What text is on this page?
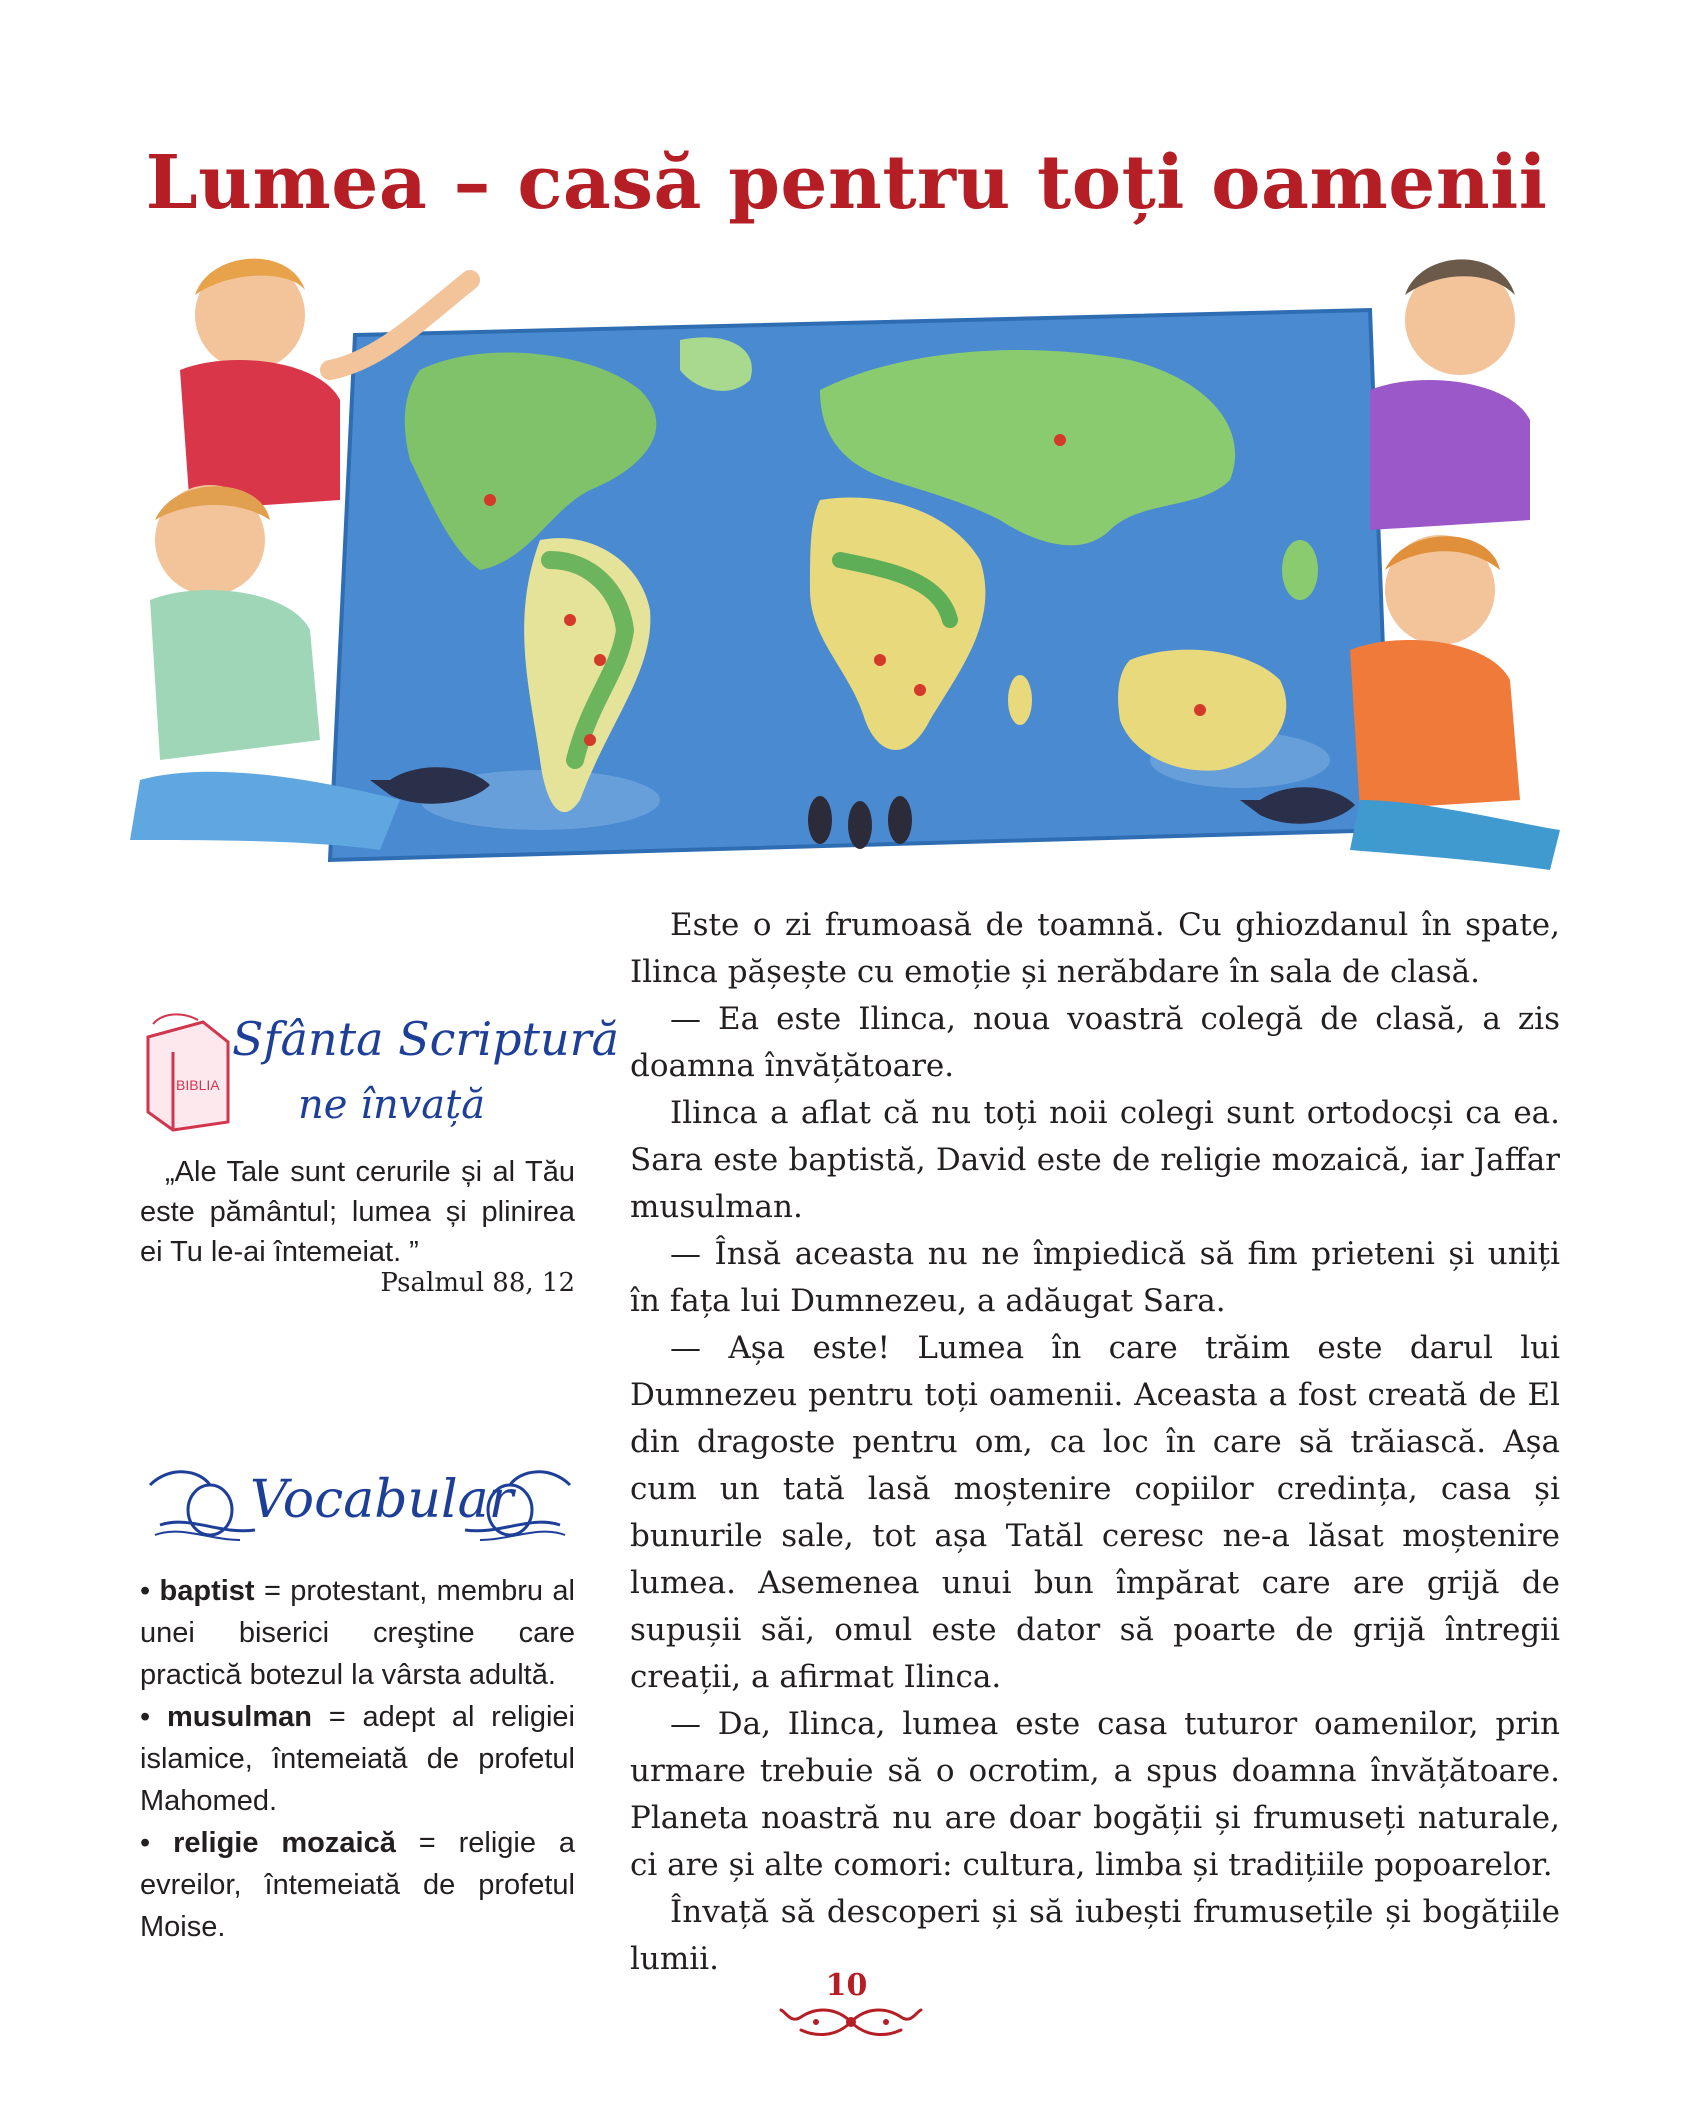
Lumea – casă pentru toți oamenii
BIBLIA
Sfânta Scriptură
ne învață
„Ale Tale sunt cerurile și al Tău este pământul; lumea și plinirea ei Tu le-ai întemeiat. ”
Psalmul 88, 12
Vocabular
• baptist = protestant, membru al unei biserici creştine care practică botezul la vârsta adultă.
• musulman = adept al religiei islamice, întemeiată de profetul Mahomed.
• religie mozaică = religie a evreilor, întemeiată de profetul Moise.

Este o zi frumoasă de toamnă. Cu ghiozdanul în spate, Ilinca pășește cu emoție și nerăbdare în sala de clasă.

— Ea este Ilinca, noua voastră colegă de clasă, a zis doamna învățătoare.

Ilinca a aflat că nu toți noii colegi sunt ortodocși ca ea. Sara este baptistă, David este de religie mozaică, iar Jaffar musulman.

— Însă aceasta nu ne împiedică să fim prieteni și uniți în fața lui Dumnezeu, a adăugat Sara.

— Așa este! Lumea în care trăim este darul lui Dumnezeu pentru toți oamenii. Aceasta a fost creată de El din dragoste pentru om, ca loc în care să trăiască. Așa cum un tată lasă moștenire copiilor credința, casa și bunurile sale, tot așa Tatăl ceresc ne-a lăsat moștenire lumea. Asemenea unui bun împărat care are grijă de supușii săi, omul este dator să poarte de grijă întregii creații, a afirmat Ilinca.

— Da, Ilinca, lumea este casa tuturor oamenilor, prin urmare trebuie să o ocrotim, a spus doamna învățătoare. Planeta noastră nu are doar bogății și frumuseți naturale, ci are și alte comori: cultura, limba și tradițiile popoarelor.

Învață să descoperi și să iubești frumusețile și bogățiile lumii.

10
